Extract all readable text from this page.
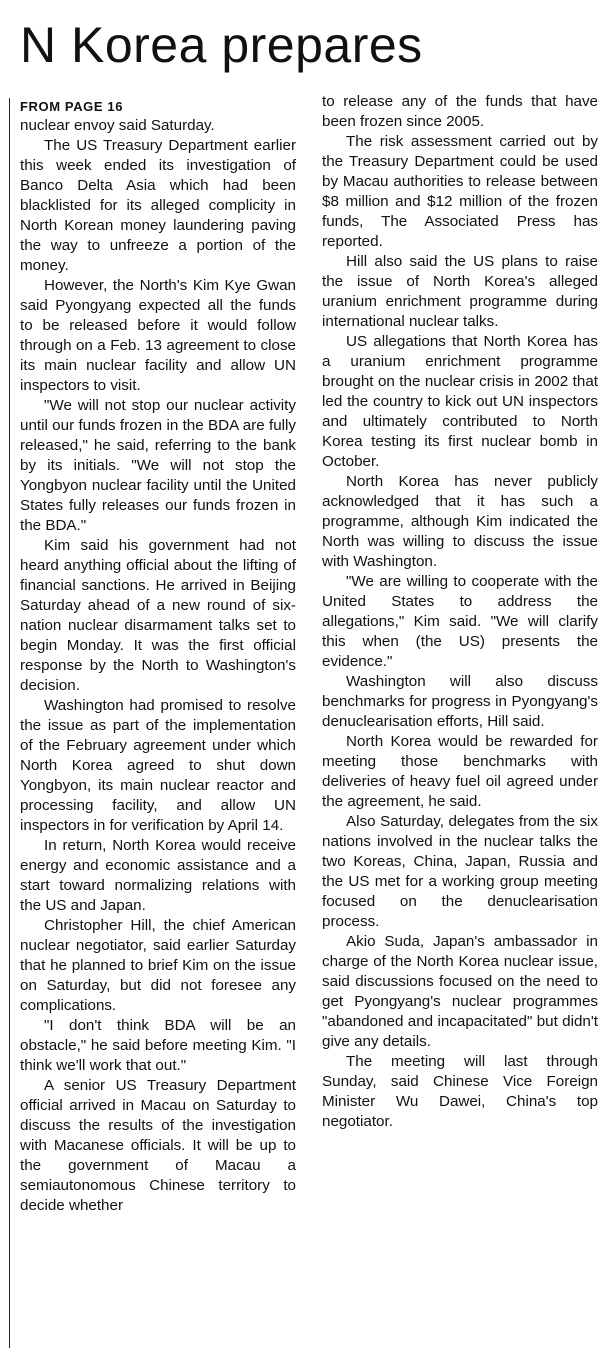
N Korea prepares

FROM PAGE 16

nuclear envoy said Saturday.

The US Treasury Department earlier this week ended its investigation of Banco Delta Asia which had been blacklisted for its alleged complicity in North Korean money laundering paving the way to unfreeze a portion of the money.

However, the North's Kim Kye Gwan said Pyongyang expected all the funds to be released before it would follow through on a Feb. 13 agreement to close its main nuclear facility and allow UN inspectors to visit.

"We will not stop our nuclear activity until our funds frozen in the BDA are fully released," he said, referring to the bank by its initials. "We will not stop the Yongbyon nuclear facility until the United States fully releases our funds frozen in the BDA."

Kim said his government had not heard anything official about the lifting of financial sanctions. He arrived in Beijing Saturday ahead of a new round of six-nation nuclear disarmament talks set to begin Monday. It was the first official response by the North to Washington's decision.

Washington had promised to resolve the issue as part of the implementation of the February agreement under which North Korea agreed to shut down Yongbyon, its main nuclear reactor and processing facility, and allow UN inspectors in for verification by April 14.

In return, North Korea would receive energy and economic assistance and a start toward normalizing relations with the US and Japan.

Christopher Hill, the chief American nuclear negotiator, said earlier Saturday that he planned to brief Kim on the issue on Saturday, but did not foresee any complications.

"I don't think BDA will be an obstacle," he said before meeting Kim. "I think we'll work that out."

A senior US Treasury Department official arrived in Macau on Saturday to discuss the results of the investigation with Macanese officials. It will be up to the government of Macau a semiautonomous Chinese territory to decide whether

to release any of the funds that have been frozen since 2005.

The risk assessment carried out by the Treasury Department could be used by Macau authorities to release between $8 million and $12 million of the frozen funds, The Associated Press has reported.

Hill also said the US plans to raise the issue of North Korea's alleged uranium enrichment programme during international nuclear talks.

US allegations that North Korea has a uranium enrichment programme brought on the nuclear crisis in 2002 that led the country to kick out UN inspectors and ultimately contributed to North Korea testing its first nuclear bomb in October.

North Korea has never publicly acknowledged that it has such a programme, although Kim indicated the North was willing to discuss the issue with Washington.

"We are willing to cooperate with the United States to address the allegations," Kim said. "We will clarify this when (the US) presents the evidence."

Washington will also discuss benchmarks for progress in Pyongyang's denuclearisation efforts, Hill said.

North Korea would be rewarded for meeting those benchmarks with deliveries of heavy fuel oil agreed under the agreement, he said.

Also Saturday, delegates from the six nations involved in the nuclear talks the two Koreas, China, Japan, Russia and the US met for a working group meeting focused on the denuclearisation process.

Akio Suda, Japan's ambassador in charge of the North Korea nuclear issue, said discussions focused on the need to get Pyongyang's nuclear programmes "abandoned and incapacitated" but didn't give any details.

The meeting will last through Sunday, said Chinese Vice Foreign Minister Wu Dawei, China's top negotiator.
